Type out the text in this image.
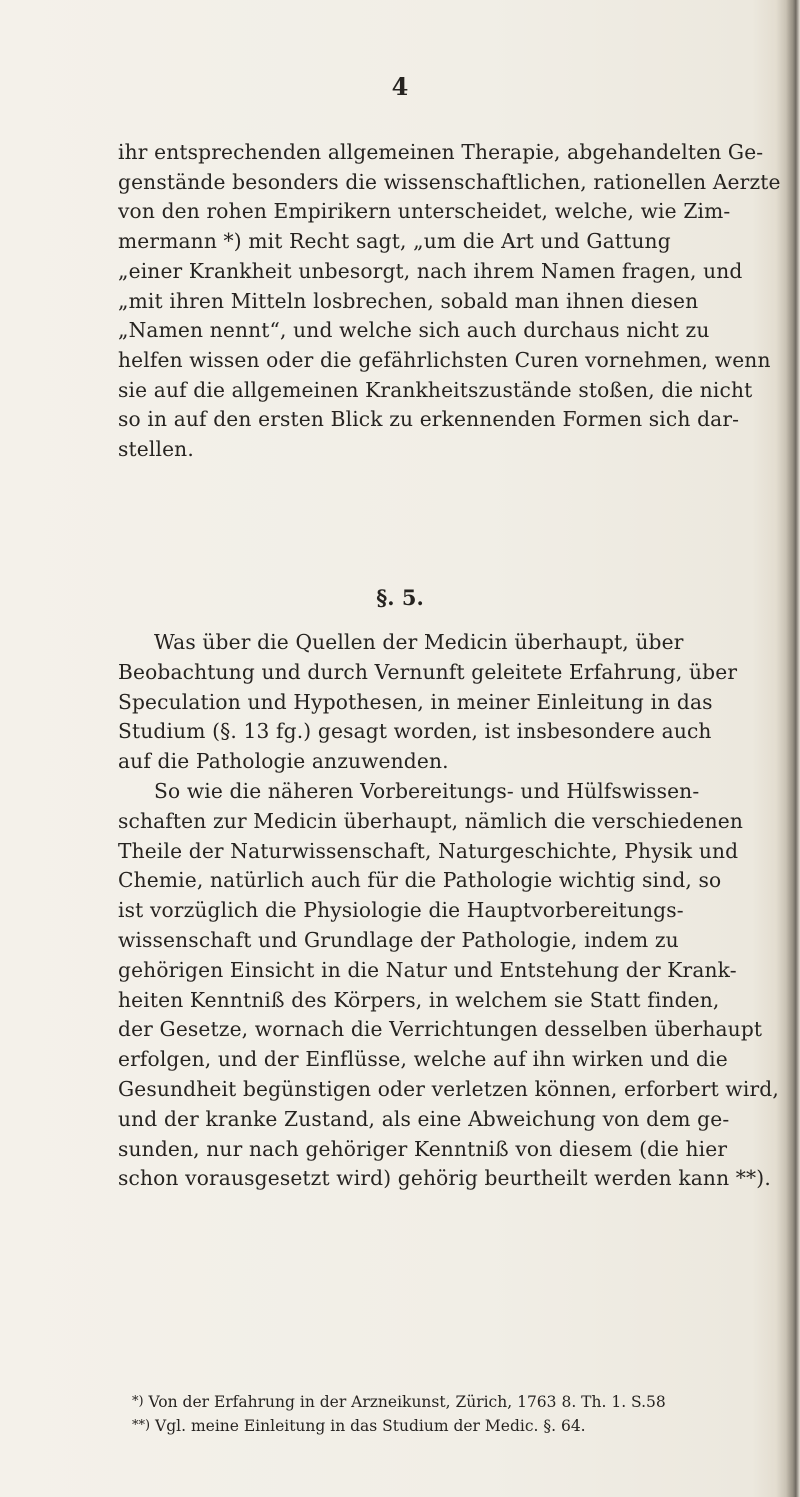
4

ihr entsprechenden allgemeinen Therapie, abgehandelten Ge-

genstände besonders die wissenschaftlichen, rationellen Aerzte

von den rohen Empirikern unterscheidet, welche, wie Zim-

mermann *) mit Recht sagt, „um die Art und Gattung

„einer Krankheit unbesorgt, nach ihrem Namen fragen, und

„mit ihren Mitteln losbrechen, sobald man ihnen diesen

„Namen nennt“, und welche sich auch durchaus nicht zu

helfen wissen oder die gefährlichsten Curen vornehmen, wenn

sie auf die allgemeinen Krankheitszustände stoßen, die nicht

so in auf den ersten Blick zu erkennenden Formen sich dar-

stellen.

§. 5.

Was über die Quellen der Medicin überhaupt, über

Beobachtung und durch Vernunft geleitete Erfahrung, über

Speculation und Hypothesen, in meiner Einleitung in das

Studium (§. 13 fg.) gesagt worden, ist insbesondere auch

auf die Pathologie anzuwenden.

So wie die näheren Vorbereitungs- und Hülfswissen-

schaften zur Medicin überhaupt, nämlich die verschiedenen

Theile der Naturwissenschaft, Naturgeschichte, Physik und

Chemie, natürlich auch für die Pathologie wichtig sind, so

ist vorzüglich die Physiologie die Hauptvorbereitungs-

wissenschaft und Grundlage der Pathologie, indem zu

gehörigen Einsicht in die Natur und Entstehung der Krank-

heiten Kenntniß des Körpers, in welchem sie Statt finden,

der Gesetze, wornach die Verrichtungen desselben überhaupt

erfolgen, und der Einflüsse, welche auf ihn wirken und die

Gesundheit begünstigen oder verletzen können, erforbert wird,

und der kranke Zustand, als eine Abweichung von dem ge-

sunden, nur nach gehöriger Kenntniß von diesem (die hier

schon vorausgesetzt wird) gehörig beurtheilt werden kann **).

*) Von der Erfahrung in der Arzneikunst, Zürich, 1763 8. Th. 1. S.58

**) Vgl. meine Einleitung in das Studium der Medic. §. 64.
